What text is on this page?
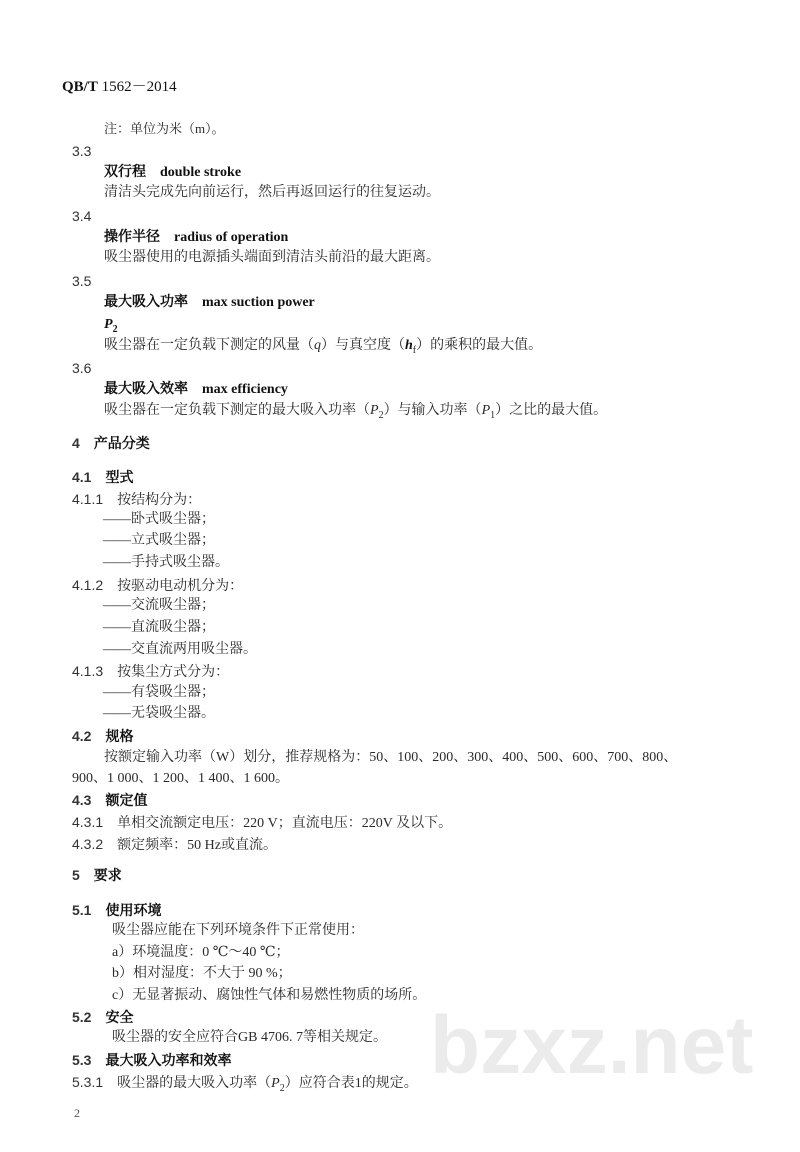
QB/T 1562－2014
注：单位为米（m）。
3.3
双行程 double stroke
清洁头完成先向前运行，然后再返回运行的往复运动。
3.4
操作半径 radius of operation
吸尘器使用的电源插头端面到清洁头前沿的最大距离。
3.5
最大吸入功率 max suction power
$P_2$
吸尘器在一定负载下测定的风量（q）与真空度$(h_f)$的乘积的最大值。
3.6
最大吸入效率 max efficiency
吸尘器在一定负载下测定的最大吸入功率$(P_2)$与输入功率$(P_1)$之比的最大值。
4 产品分类
4.1 型式
4.1.1 按结构分为：
——卧式吸尘器；
——立式吸尘器；
——手持式吸尘器。
4.1.2 按驱动电动机分为：
——交流吸尘器；
——直流吸尘器；
——交直流两用吸尘器。
4.1.3 按集尘方式分为：
——有袋吸尘器；
——无袋吸尘器。
4.2 规格
按额定输入功率（W）划分，推荐规格为：50、100、200、300、400、500、600、700、800、
900、1 000、1 200、1 400、1 600。
4.3 额定值
4.3.1 单相交流额定电压：220 V；直流电压：220V 及以下。
4.3.2 额定频率：50 Hz或直流。
5 要求
5.1 使用环境
吸尘器应能在下列环境条件下正常使用：
a）环境温度：0 ℃～40 ℃；
b）相对湿度：不大于 90 %；
c）无显著振动、腐蚀性气体和易燃性物质的场所。
5.2 安全
吸尘器的安全应符合GB 4706. 7等相关规定。
5.3 最大吸入功率和效率
5.3.1 吸尘器的最大吸入功率$(P_2)$应符合表1的规定。 bzxz.net
2
